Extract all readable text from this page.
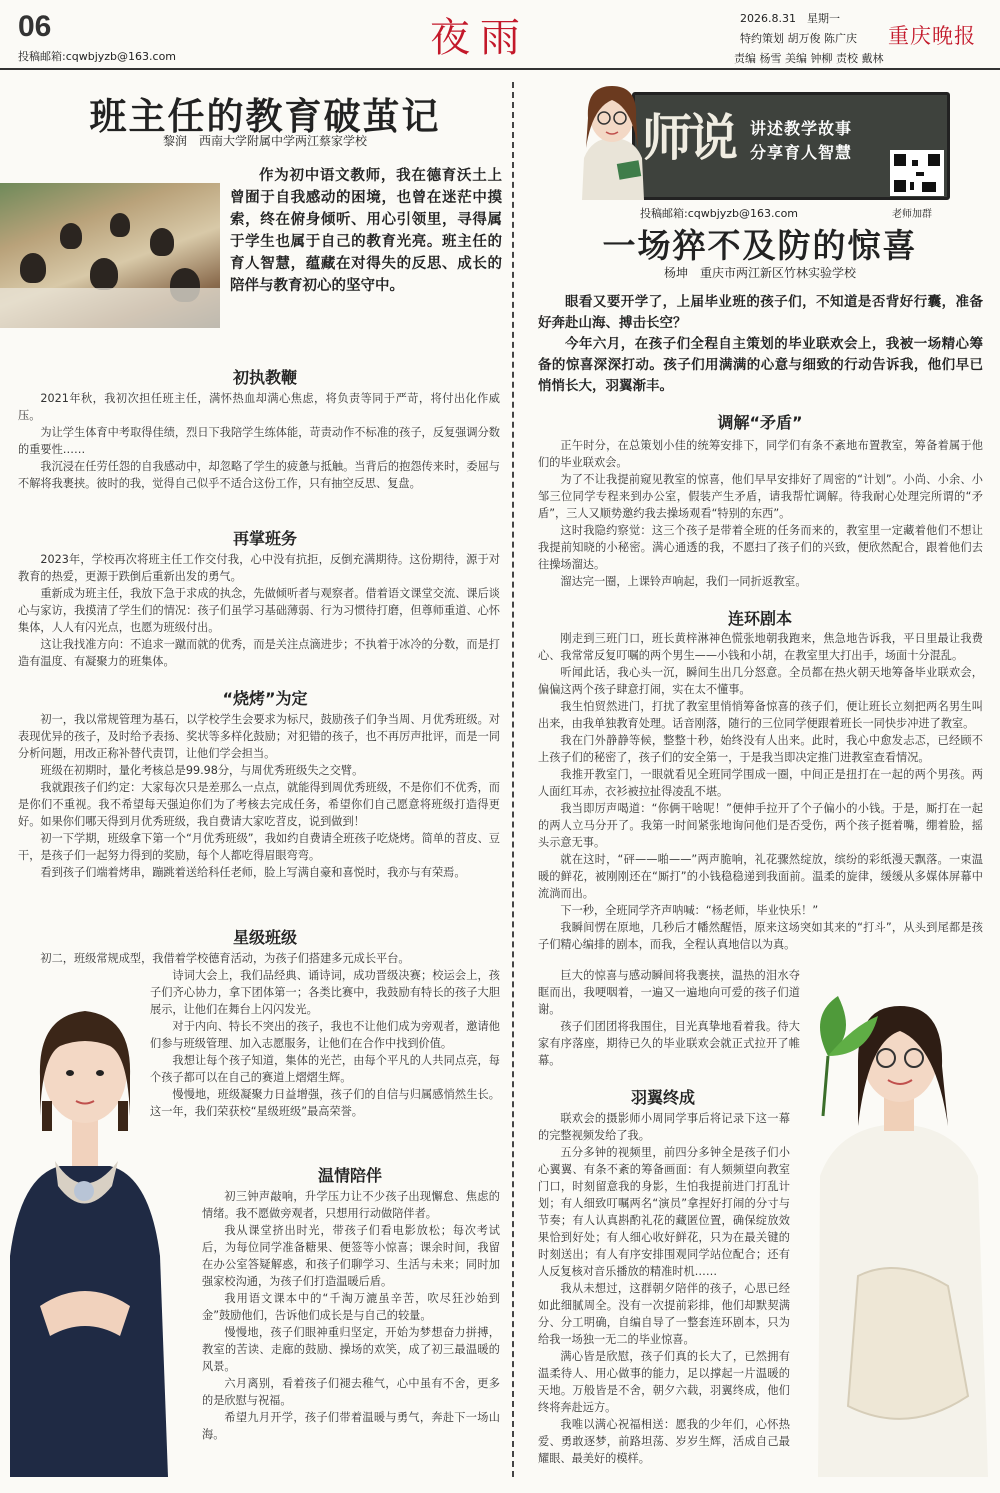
06
投稿邮箱:cqwbjyzb@163.com	夜雨	2026.8.31　星期一
特约策划 胡万俊 陈广庆
责编 杨雪 美编 钟柳 责校 戴林
重庆晚报
班主任的教育破茧记
黎润　西南大学附属中学两江蔡家学校
作为初中语文教师，我在德育沃土上曾囿于自我感动的困境，也曾在迷茫中摸索，终在俯身倾听、用心引领里，寻得属于学生也属于自己的教育光亮。班主任的育人智慧，蕴藏在对得失的反思、成长的陪伴与教育初心的坚守中。
初执教鞭

2021年秋，我初次担任班主任，满怀热血却满心焦虑，将负责等同于严苛，将付出化作威压。

为让学生体育中考取得佳绩，烈日下我陪学生练体能，苛责动作不标准的孩子，反复强调分数的重要性……

我沉浸在任劳任怨的自我感动中，却忽略了学生的疲惫与抵触。当背后的抱怨传来时，委屈与不解将我裹挟。彼时的我，觉得自己似乎不适合这份工作，只有抽空反思、复盘。

再掌班务

2023年，学校再次将班主任工作交付我，心中没有抗拒，反倒充满期待。这份期待，源于对教育的热爱，更源于跌倒后重新出发的勇气。

重新成为班主任，我放下急于求成的执念，先做倾听者与观察者。借着语文课堂交流、课后谈心与家访，我摸清了学生们的情况：孩子们虽学习基础薄弱、行为习惯待打磨，但尊师重道、心怀集体，人人有闪光点，也愿为班级付出。

这让我找准方向：不追求一蹴而就的优秀，而是关注点滴进步；不执着于冰冷的分数，而是打造有温度、有凝聚力的班集体。

“烧烤”为定

初一，我以常规管理为基石，以学校学生会要求为标尺，鼓励孩子们争当周、月优秀班级。对表现优异的孩子，及时给予表扬、奖状等多样化鼓励；对犯错的孩子，也不再厉声批评，而是一同分析问题，用改正称补替代责罚，让他们学会担当。

班级在初期时，量化考核总是99.98分，与周优秀班级失之交臂。

我就跟孩子们约定：大家每次只是差那么一点点，就能得到周优秀班级，不是你们不优秀，而是你们不重视。我不希望每天强迫你们为了考核去完成任务，希望你们自己愿意将班级打造得更好。如果你们哪天得到月优秀班级，我自费请大家吃苕皮，说到做到！

初一下学期，班级拿下第一个“月优秀班级”，我如约自费请全班孩子吃烧烤。简单的苕皮、豆干，是孩子们一起努力得到的奖励，每个人都吃得眉眼弯弯。

看到孩子们端着烤串，蹦跳着送给科任老师，脸上写满自豪和喜悦时，我亦与有荣焉。

星级班级

初二，班级常规成型，我借着学校德育活动，为孩子们搭建多元成长平台。

诗词大会上，我们品经典、诵诗词，成功晋级决赛；校运会上，孩子们齐心协力，拿下团体第一；各类比赛中，我鼓励有特长的孩子大胆展示，让他们在舞台上闪闪发光。

对于内向、特长不突出的孩子，我也不让他们成为旁观者，邀请他们参与班级管理、加入志愿服务，让他们在合作中找到价值。

我想让每个孩子知道，集体的光芒，由每个平凡的人共同点亮，每个孩子都可以在自己的赛道上熠熠生辉。

慢慢地，班级凝聚力日益增强，孩子们的自信与归属感悄然生长。这一年，我们荣获校“星级班级”最高荣誉。

温情陪伴

初三钟声敲响，升学压力让不少孩子出现懈怠、焦虑的情绪。我不愿做旁观者，只想用行动做陪伴者。

我从课堂挤出时光，带孩子们看电影放松；每次考试后，为每位同学准备糖果、便签等小惊喜；课余时间，我留在办公室答疑解惑，和孩子们聊学习、生活与未来；同时加强家校沟通，为孩子们打造温暖后盾。

我用语文课本中的“千淘万漉虽辛苦，吹尽狂沙始到金”鼓励他们，告诉他们成长是与自己的较量。

慢慢地，孩子们眼神重归坚定，开始为梦想奋力拼搏，教室的苦读、走廊的鼓励、操场的欢笑，成了初三最温暖的风景。

六月离别，看着孩子们褪去稚气，心中虽有不舍，更多的是欣慰与祝福。

希望九月开学，孩子们带着温暖与勇气，奔赴下一场山海。

师说 讲述教学故事
分享育人智慧
投稿邮箱:cqwbjyzb@163.com	老师加群
一场猝不及防的惊喜
杨坤　重庆市两江新区竹林实验学校

眼看又要开学了，上届毕业班的孩子们，不知道是否背好行囊，准备好奔赴山海、搏击长空？

今年六月，在孩子们全程自主策划的毕业联欢会上，我被一场精心筹备的惊喜深深打动。孩子们用满满的心意与细致的行动告诉我，他们早已悄悄长大，羽翼渐丰。

调解“矛盾”

正午时分，在总策划小佳的统筹安排下，同学们有条不紊地布置教室，筹备着属于他们的毕业联欢会。

为了不让我提前窥见教室的惊喜，他们早早安排好了周密的“计划”。小尚、小余、小邹三位同学专程来到办公室，假装产生矛盾，请我帮忙调解。待我耐心处理完所谓的“矛盾”，三人又顺势邀约我去操场观看“特别的东西”。

这时我隐约察觉：这三个孩子是带着全班的任务而来的，教室里一定藏着他们不想让我提前知晓的小秘密。满心通透的我，不愿扫了孩子们的兴致，便欣然配合，跟着他们去往操场溜达。

溜达完一圈，上课铃声响起，我们一同折返教室。

连环剧本

刚走到三班门口，班长黄梓淋神色慌张地朝我跑来，焦急地告诉我，平日里最让我费心、我常常反复叮嘱的两个男生——小钱和小胡，在教室里大打出手，场面十分混乱。

听闻此话，我心头一沉，瞬间生出几分怒意。全员都在热火朝天地筹备毕业联欢会，偏偏这两个孩子肆意打闹，实在太不懂事。

我生怕贸然进门，打扰了教室里悄悄筹备惊喜的孩子们，便让班长立刻把两名男生叫出来，由我单独教育处理。话音刚落，随行的三位同学便跟着班长一同快步冲进了教室。

我在门外静静等候，整整十秒，始终没有人出来。此时，我心中愈发忐忑，已经顾不上孩子们的秘密了，孩子们的安全第一，于是我当即决定推门进教室查看情况。

我推开教室门，一眼就看见全班同学围成一圈，中间正是扭打在一起的两个男孩。两人面红耳赤，衣衫被拉扯得凌乱不堪。

我当即厉声喝道：“你俩干啥呢！”便伸手拉开了个子偏小的小钱。于是，厮打在一起的两人立马分开了。我第一时间紧张地询问他们是否受伤，两个孩子挺着嘴，绷着脸，摇头示意无事。

就在这时，“砰——啪——”两声脆响，礼花骤然绽放，缤纷的彩纸漫天飘落。一束温暖的鲜花，被刚刚还在“厮打”的小钱稳稳递到我面前。温柔的旋律，缓缓从多媒体屏幕中流淌而出。

下一秒，全班同学齐声呐喊：“杨老师，毕业快乐！”

我瞬间愣在原地，几秒后才幡然醒悟，原来这场突如其来的“打斗”，从头到尾都是孩子们精心编排的剧本，而我，全程认真地信以为真。

巨大的惊喜与感动瞬间将我裹挟，温热的泪水夺眶而出，我哽咽着，一遍又一遍地向可爱的孩子们道谢。

孩子们团团将我围住，目光真挚地看着我。待大家有序落座，期待已久的毕业联欢会就正式拉开了帷幕。

羽翼终成

联欢会的摄影师小周同学事后将记录下这一幕的完整视频发给了我。

五分多钟的视频里，前四分多钟全是孩子们小心翼翼、有条不紊的筹备画面：有人频频望向教室门口，时刻留意我的身影，生怕我提前进门打乱计划；有人细致叮嘱两名“演员”拿捏好打闹的分寸与节奏；有人认真斟酌礼花的藏匿位置，确保绽放效果恰到好处；有人细心收好鲜花，只为在最关键的时刻送出；有人有序安排围观同学站位配合；还有人反复核对音乐播放的精准时机……

我从未想过，这群朝夕陪伴的孩子，心思已经如此细腻周全。没有一次提前彩排，他们却默契满分、分工明确，自编自导了一整套连环剧本，只为给我一场独一无二的毕业惊喜。

满心皆是欣慰，孩子们真的长大了，已然拥有温柔待人、用心做事的能力，足以撑起一片温暖的天地。万般皆是不舍，朝夕六载，羽翼终成，他们终将奔赴远方。

我唯以满心祝福相送：愿我的少年们，心怀热爱、勇敢逐梦，前路坦荡、岁岁生辉，活成自己最耀眼、最美好的模样。
